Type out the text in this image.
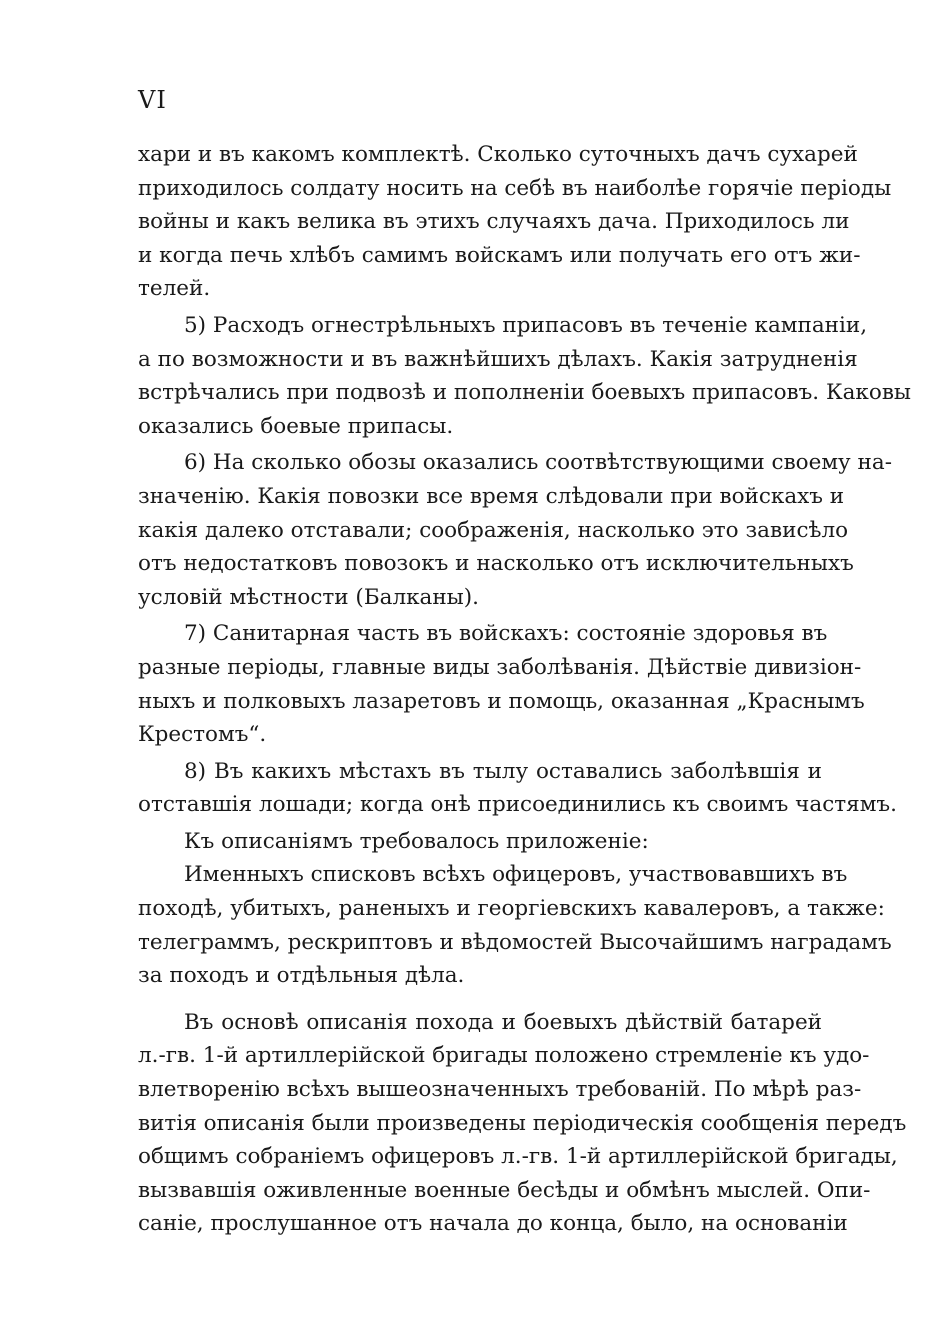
VI
хари и въ какомъ комплектѣ. Сколько суточныхъ дачъ сухарей
приходилось солдату носить на себѣ въ наиболѣе горячіе періоды
войны и какъ велика въ этихъ случаяхъ дача. Приходилось ли
и когда печь хлѣбъ самимъ войскамъ или получать его отъ жи-
телей.
5) Расходъ огнестрѣльныхъ припасовъ въ теченіе кампаніи,
а по возможности и въ важнѣйшихъ дѣлахъ. Какія затрудненія
встрѣчались при подвозѣ и пополненіи боевыхъ припасовъ. Каковы
оказались боевые припасы.
6) На сколько обозы оказались соотвѣтствующими своему на-
значенію. Какія повозки все время слѣдовали при войскахъ и
какія далеко отставали; соображенія, насколько это зависѣло
отъ недостатковъ повозокъ и насколько отъ исключительныхъ
условій мѣстности (Балканы).
7) Санитарная часть въ войскахъ: состояніе здоровья въ
разные періоды, главные виды заболѣванія. Дѣйствіе дивизіон-
ныхъ и полковыхъ лазаретовъ и помощь, оказанная „Краснымъ
Крестомъ“.
8) Въ какихъ мѣстахъ въ тылу оставались заболѣвшія и
отставшія лошади; когда онѣ присоединились къ своимъ частямъ.
Къ описаніямъ требовалось приложеніе:
Именныхъ списковъ всѣхъ офицеровъ, участвовавшихъ въ
походѣ, убитыхъ, раненыхъ и георгіевскихъ кавалеровъ, а также:
телеграммъ, рескриптовъ и вѣдомостей Высочайшимъ наградамъ
за походъ и отдѣльныя дѣла.
Въ основѣ описанія похода и боевыхъ дѣйствій батарей
л.-гв. 1-й артиллерійской бригады положено стремленіе къ удо-
влетворенію всѣхъ вышеозначенныхъ требованій. По мѣрѣ раз-
витія описанія были произведены періодическія сообщенія передъ
общимъ собраніемъ офицеровъ л.-гв. 1-й артиллерійской бригады,
вызвавшія оживленные военные бесѣды и обмѣнъ мыслей. Опи-
саніе, прослушанное отъ начала до конца, было, на основаніи
